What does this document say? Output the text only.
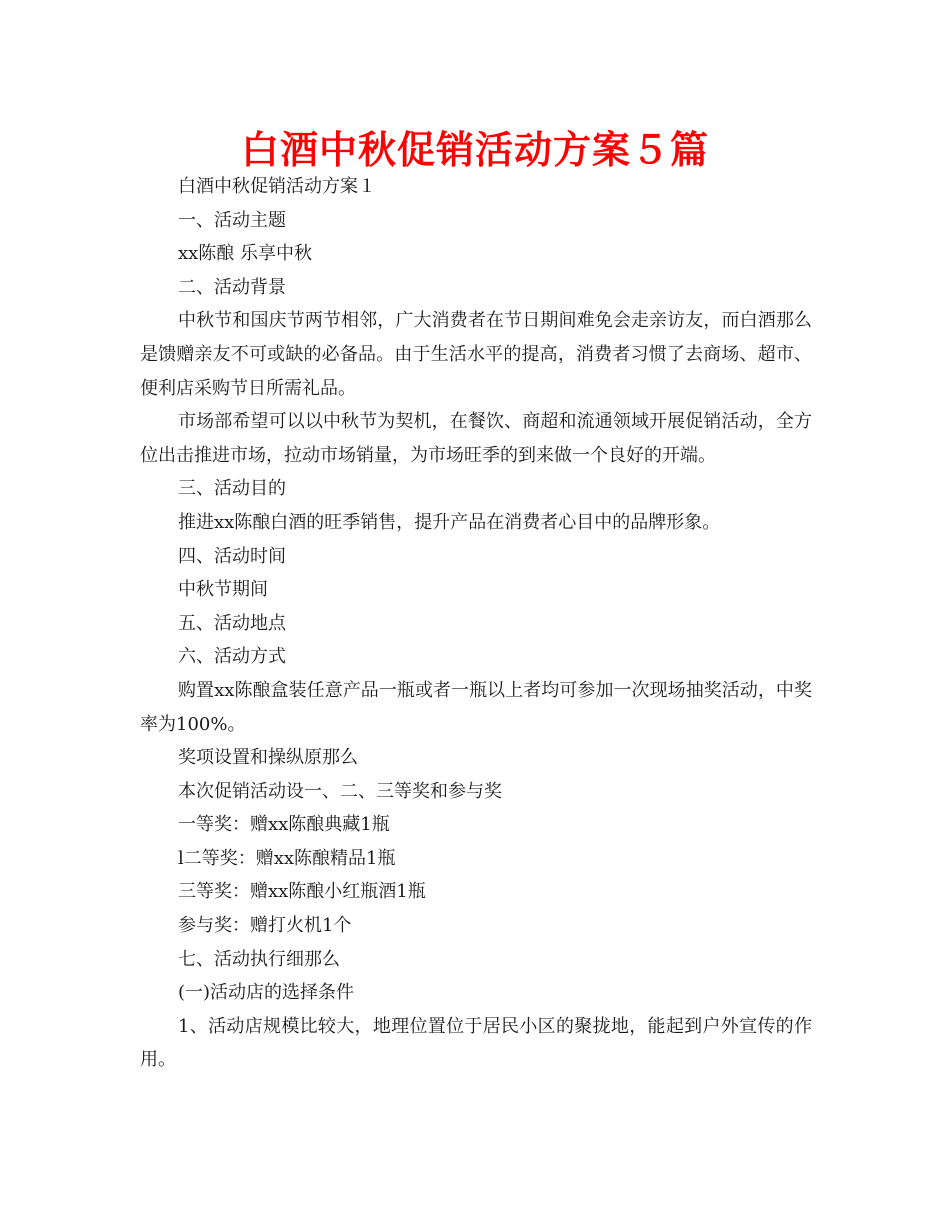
白酒中秋促销活动方案５篇

白酒中秋促销活动方案１

一、活动主题

xx陈酿 乐享中秋

二、活动背景

中秋节和国庆节两节相邻，广大消费者在节日期间难免会走亲访友，而白酒那么是馈赠亲友不可或缺的必备品。由于生活水平的提高，消费者习惯了去商场、超市、便利店采购节日所需礼品。

市场部希望可以以中秋节为契机，在餐饮、商超和流通领域开展促销活动，全方位出击推进市场，拉动市场销量，为市场旺季的到来做一个良好的开端。

三、活动目的

推进xx陈酿白酒的旺季销售，提升产品在消费者心目中的品牌形象。

四、活动时间

中秋节期间

五、活动地点

六、活动方式

购置xx陈酿盒装任意产品一瓶或者一瓶以上者均可参加一次现场抽奖活动，中奖率为100%。

奖项设置和操纵原那么

本次促销活动设一、二、三等奖和参与奖

一等奖：赠xx陈酿典藏1瓶

l二等奖：赠xx陈酿精品1瓶

三等奖：赠xx陈酿小红瓶酒1瓶

参与奖：赠打火机1个

七、活动执行细那么

(一)活动店的选择条件

1、活动店规模比较大，地理位置位于居民小区的聚拢地，能起到户外宣传的作用。
